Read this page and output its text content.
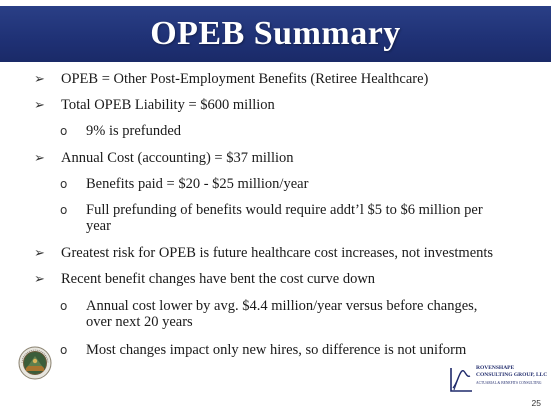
OPEB Summary
➢ OPEB = Other Post-Employment Benefits (Retiree Healthcare)
➢ Total OPEB Liability = $600 million
o 9% is prefunded
➢ Annual Cost (accounting) = $37 million
o Benefits paid = $20 - $25 million/year
o Full prefunding of benefits would require addt’l $5 to $6 million per
year
➢ Greatest risk for OPEB is future healthcare cost increases, not investments
➢ Recent benefit changes have bent the cost curve down
o Annual cost lower by avg. $4.4 million/year versus before changes,
over next 20 years
o Most changes impact only new hires, so difference is not uniform
ROVENSHAPE
CONSULTING GROUP, LLC
ACTUARIAL & BENEFITS CONSULTING
25
